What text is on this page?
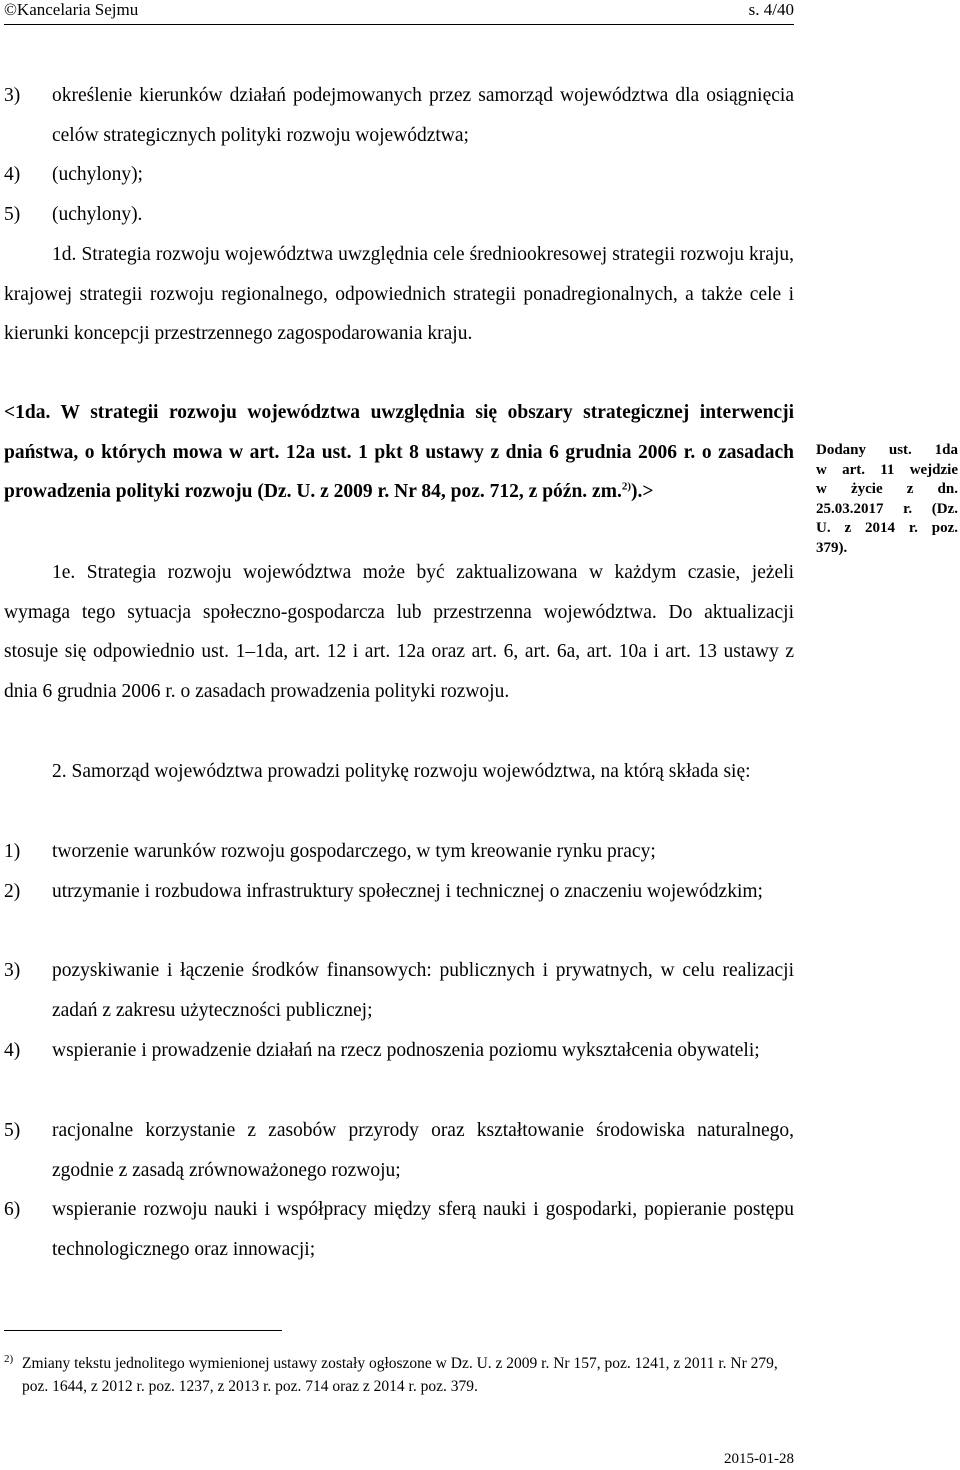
©Kancelaria Sejmu	s. 4/40
3) określenie kierunków działań podejmowanych przez samorząd województwa dla osiągnięcia celów strategicznych polityki rozwoju województwa;
4) (uchylony);
5) (uchylony).
1d. Strategia rozwoju województwa uwzględnia cele średniookresowej strategii rozwoju kraju, krajowej strategii rozwoju regionalnego, odpowiednich strategii ponadregionalnych, a także cele i kierunki koncepcji przestrzennego zagospodarowania kraju.
<1da. W strategii rozwoju województwa uwzględnia się obszary strategicznej interwencji państwa, o których mowa w art. 12a ust. 1 pkt 8 ustawy z dnia 6 grudnia 2006 r. o zasadach prowadzenia polityki rozwoju (Dz. U. z 2009 r. Nr 84, poz. 712, z późn. zm.$^{2)}$).>
1e. Strategia rozwoju województwa może być zaktualizowana w każdym czasie, jeżeli wymaga tego sytuacja społeczno-gospodarcza lub przestrzenna województwa. Do aktualizacji stosuje się odpowiednio ust. 1–1da, art. 12 i art. 12a oraz art. 6, art. 6a, art. 10a i art. 13 ustawy z dnia 6 grudnia 2006 r. o zasadach prowadzenia polityki rozwoju.
2. Samorząd województwa prowadzi politykę rozwoju województwa, na którą składa się:
1) tworzenie warunków rozwoju gospodarczego, w tym kreowanie rynku pracy;
2) utrzymanie i rozbudowa infrastruktury społecznej i technicznej o znaczeniu wojewódzkim;
3) pozyskiwanie i łączenie środków finansowych: publicznych i prywatnych, w celu realizacji zadań z zakresu użyteczności publicznej;
4) wspieranie i prowadzenie działań na rzecz podnoszenia poziomu wykształcenia obywateli;
5) racjonalne korzystanie z zasobów przyrody oraz kształtowanie środowiska naturalnego, zgodnie z zasadą zrównoważonego rozwoju;
6) wspieranie rozwoju nauki i współpracy między sferą nauki i gospodarki, popieranie postępu technologicznego oraz innowacji;
Dodany ust. 1da
w art. 11 wejdzie
w życie z dn.
25.03.2017 r. (Dz.
U. z 2014 r. poz.
379).
2) Zmiany tekstu jednolitego wymienionej ustawy zostały ogłoszone w Dz. U. z 2009 r. Nr 157, poz. 1241, z 2011 r. Nr 279, poz. 1644, z 2012 r. poz. 1237, z 2013 r. poz. 714 oraz z 2014 r. poz. 379.
2015-01-28
